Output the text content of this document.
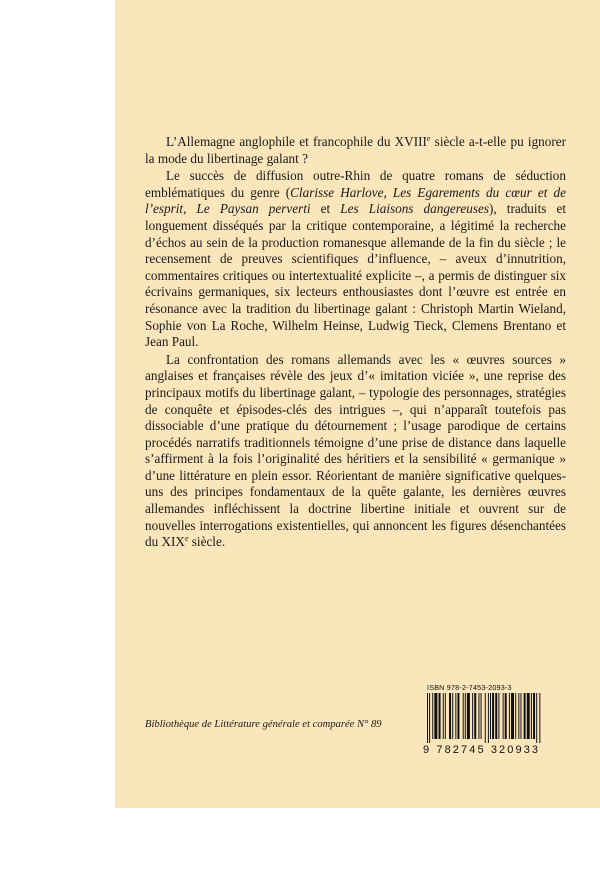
L’Allemagne anglophile et francophile du XVIIIe siècle a-t-elle pu ignorer la mode du libertinage galant ?

Le succès de diffusion outre-Rhin de quatre romans de séduction emblématiques du genre (Clarisse Harlove, Les Egarements du cœur et de l’esprit, Le Paysan perverti et Les Liaisons dangereuses), traduits et longuement disséqués par la critique contemporaine, a légitimé la recherche d’échos au sein de la production romanesque allemande de la fin du siècle ; le recensement de preuves scientifiques d’influence, – aveux d’innutrition, commentaires critiques ou intertextualité explicite –, a permis de distinguer six écrivains germaniques, six lecteurs enthousiastes dont l’œuvre est entrée en résonance avec la tradition du libertinage galant : Christoph Martin Wieland, Sophie von La Roche, Wilhelm Heinse, Ludwig Tieck, Clemens Brentano et Jean Paul.

La confrontation des romans allemands avec les « œuvres sources » anglaises et françaises révèle des jeux d’« imitation viciée », une reprise des principaux motifs du libertinage galant, – typologie des personnages, stratégies de conquête et épisodes-clés des intrigues –, qui n’apparaît toutefois pas dissociable d’une pratique du détournement ; l’usage parodique de certains procédés narratifs traditionnels témoigne d’une prise de distance dans laquelle s’affirment à la fois l’originalité des héritiers et la sensibilité « germanique » d’une littérature en plein essor. Réorientant de manière significative quelques-uns des principes fondamentaux de la quête galante, les dernières œuvres allemandes infléchissent la doctrine libertine initiale et ouvrent sur de nouvelles interrogations existentielles, qui annoncent les figures désenchantées du XIXe siècle.

Bibliothèque de Littérature générale et comparée N° 89
ISBN 978-2-7453-2093-3
9 782745 320933
